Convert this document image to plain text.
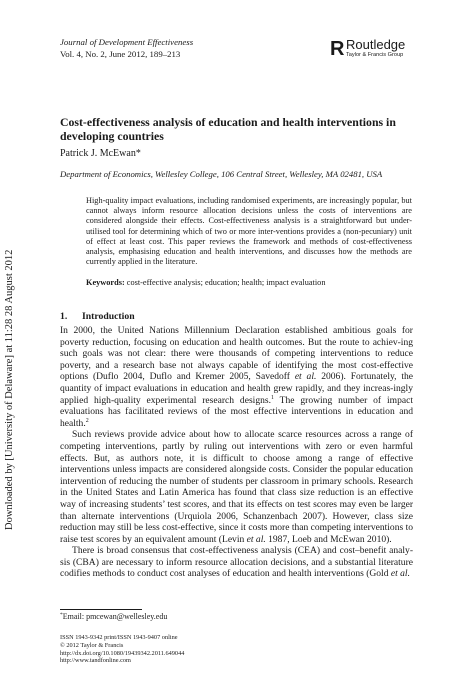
Downloaded by [University of Delaware] at 11:28 28 August 2012
Journal of Development Effectiveness
Vol. 4, No. 2, June 2012, 189–213	R Routledge
Taylor & Francis Group
Cost-effectiveness analysis of education and health interventions in developing countries
Patrick J. McEwan*
Department of Economics, Wellesley College, 106 Central Street, Wellesley, MA 02481, USA

High-quality impact evaluations, including randomised experiments, are increasingly popular, but cannot always inform resource allocation decisions unless the costs of interventions are considered alongside their effects. Cost-effectiveness analysis is a straightforward but under-utilised tool for determining which of two or more inter-ventions provides a (non-pecuniary) unit of effect at least cost. This paper reviews the framework and methods of cost-effectiveness analysis, emphasising education and health interventions, and discusses how the methods are currently applied in the literature.

Keywords: cost-effective analysis; education; health; impact evaluation
1. Introduction

In 2000, the United Nations Millennium Declaration established ambitious goals for poverty reduction, focusing on education and health outcomes. But the route to achiev-ing such goals was not clear: there were thousands of competing interventions to reduce poverty, and a research base not always capable of identifying the most cost-effective options (Duflo 2004, Duflo and Kremer 2005, Savedoff et al. 2006). Fortunately, the quantity of impact evaluations in education and health grew rapidly, and they increas-ingly applied high-quality experimental research designs.$^1$ The growing number of impact evaluations has facilitated reviews of the most effective interventions in education and health.$^2$

Such reviews provide advice about how to allocate scarce resources across a range of competing interventions, partly by ruling out interventions with zero or even harmful effects. But, as authors note, it is difficult to choose among a range of effective interventions unless impacts are considered alongside costs. Consider the popular education intervention of reducing the number of students per classroom in primary schools. Research in the United States and Latin America has found that class size reduction is an effective way of increasing students’ test scores, and that its effects on test scores may even be larger than alternate interventions (Urquiola 2006, Schanzenbach 2007). However, class size reduction may still be less cost-effective, since it costs more than competing interventions to raise test scores by an equivalent amount (Levin et al. 1987, Loeb and McEwan 2010).

There is broad consensus that cost-effectiveness analysis (CEA) and cost–benefit analy-sis (CBA) are necessary to inform resource allocation decisions, and a substantial literature codifies methods to conduct cost analyses of education and health interventions (Gold et al.

*Email: pmcewan@wellesley.edu
ISSN 1943-9342 print/ISSN 1943-9407 online
© 2012 Taylor & Francis
http://dx.doi.org/10.1080/19439342.2011.649044
http://www.tandfonline.com
